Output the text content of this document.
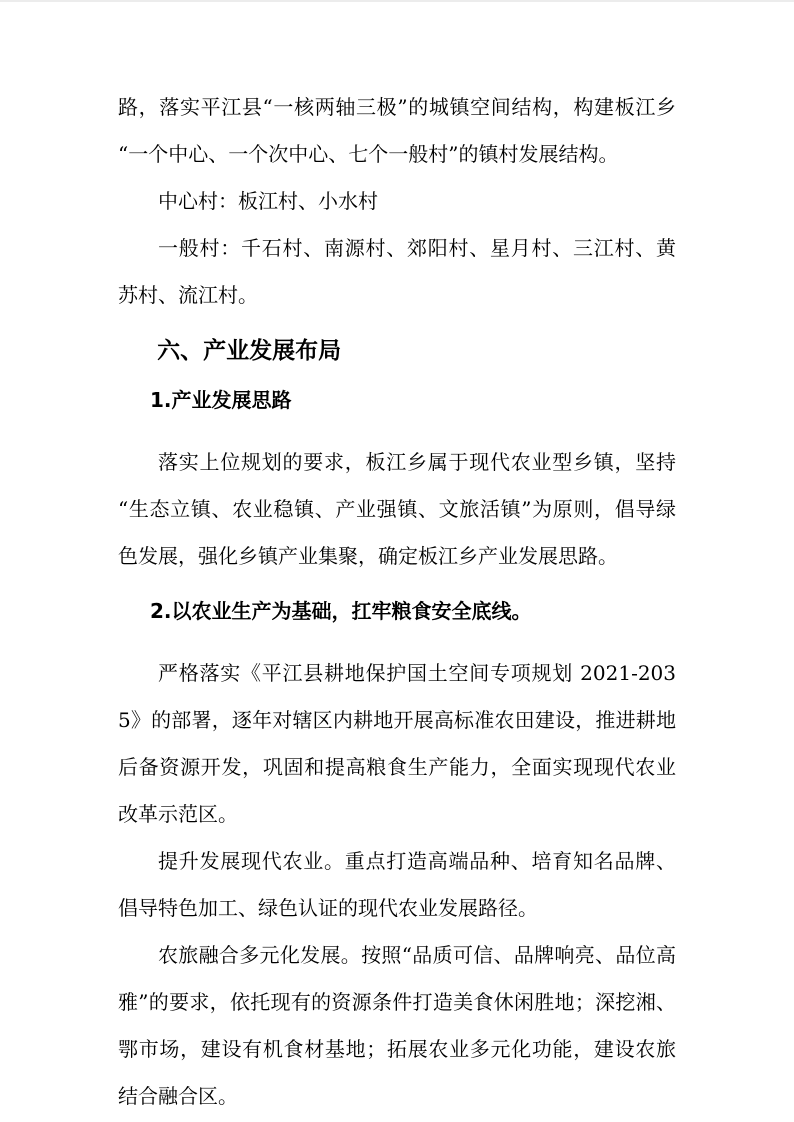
路，落实平江县“一核两轴三极”的城镇空间结构，构建板江乡“一个中心、一个次中心、七个一般村”的镇村发展结构。

中心村：板江村、小水村

一般村：千石村、南源村、郊阳村、星月村、三江村、黄苏村、流江村。

六、产业发展布局
1.产业发展思路

落实上位规划的要求，板江乡属于现代农业型乡镇，坚持“生态立镇、农业稳镇、产业强镇、文旅活镇”为原则，倡导绿色发展，强化乡镇产业集聚，确定板江乡产业发展思路。

2.以农业生产为基础，扛牢粮食安全底线。

严格落实《平江县耕地保护国土空间专项规划 2021-2035》的部署，逐年对辖区内耕地开展高标准农田建设，推进耕地后备资源开发，巩固和提高粮食生产能力，全面实现现代农业改革示范区。

提升发展现代农业。重点打造高端品种、培育知名品牌、倡导特色加工、绿色认证的现代农业发展路径。

农旅融合多元化发展。按照“品质可信、品牌响亮、品位高雅”的要求，依托现有的资源条件打造美食休闲胜地；深挖湘、鄂市场，建设有机食材基地；拓展农业多元化功能，建设农旅结合融合区。
